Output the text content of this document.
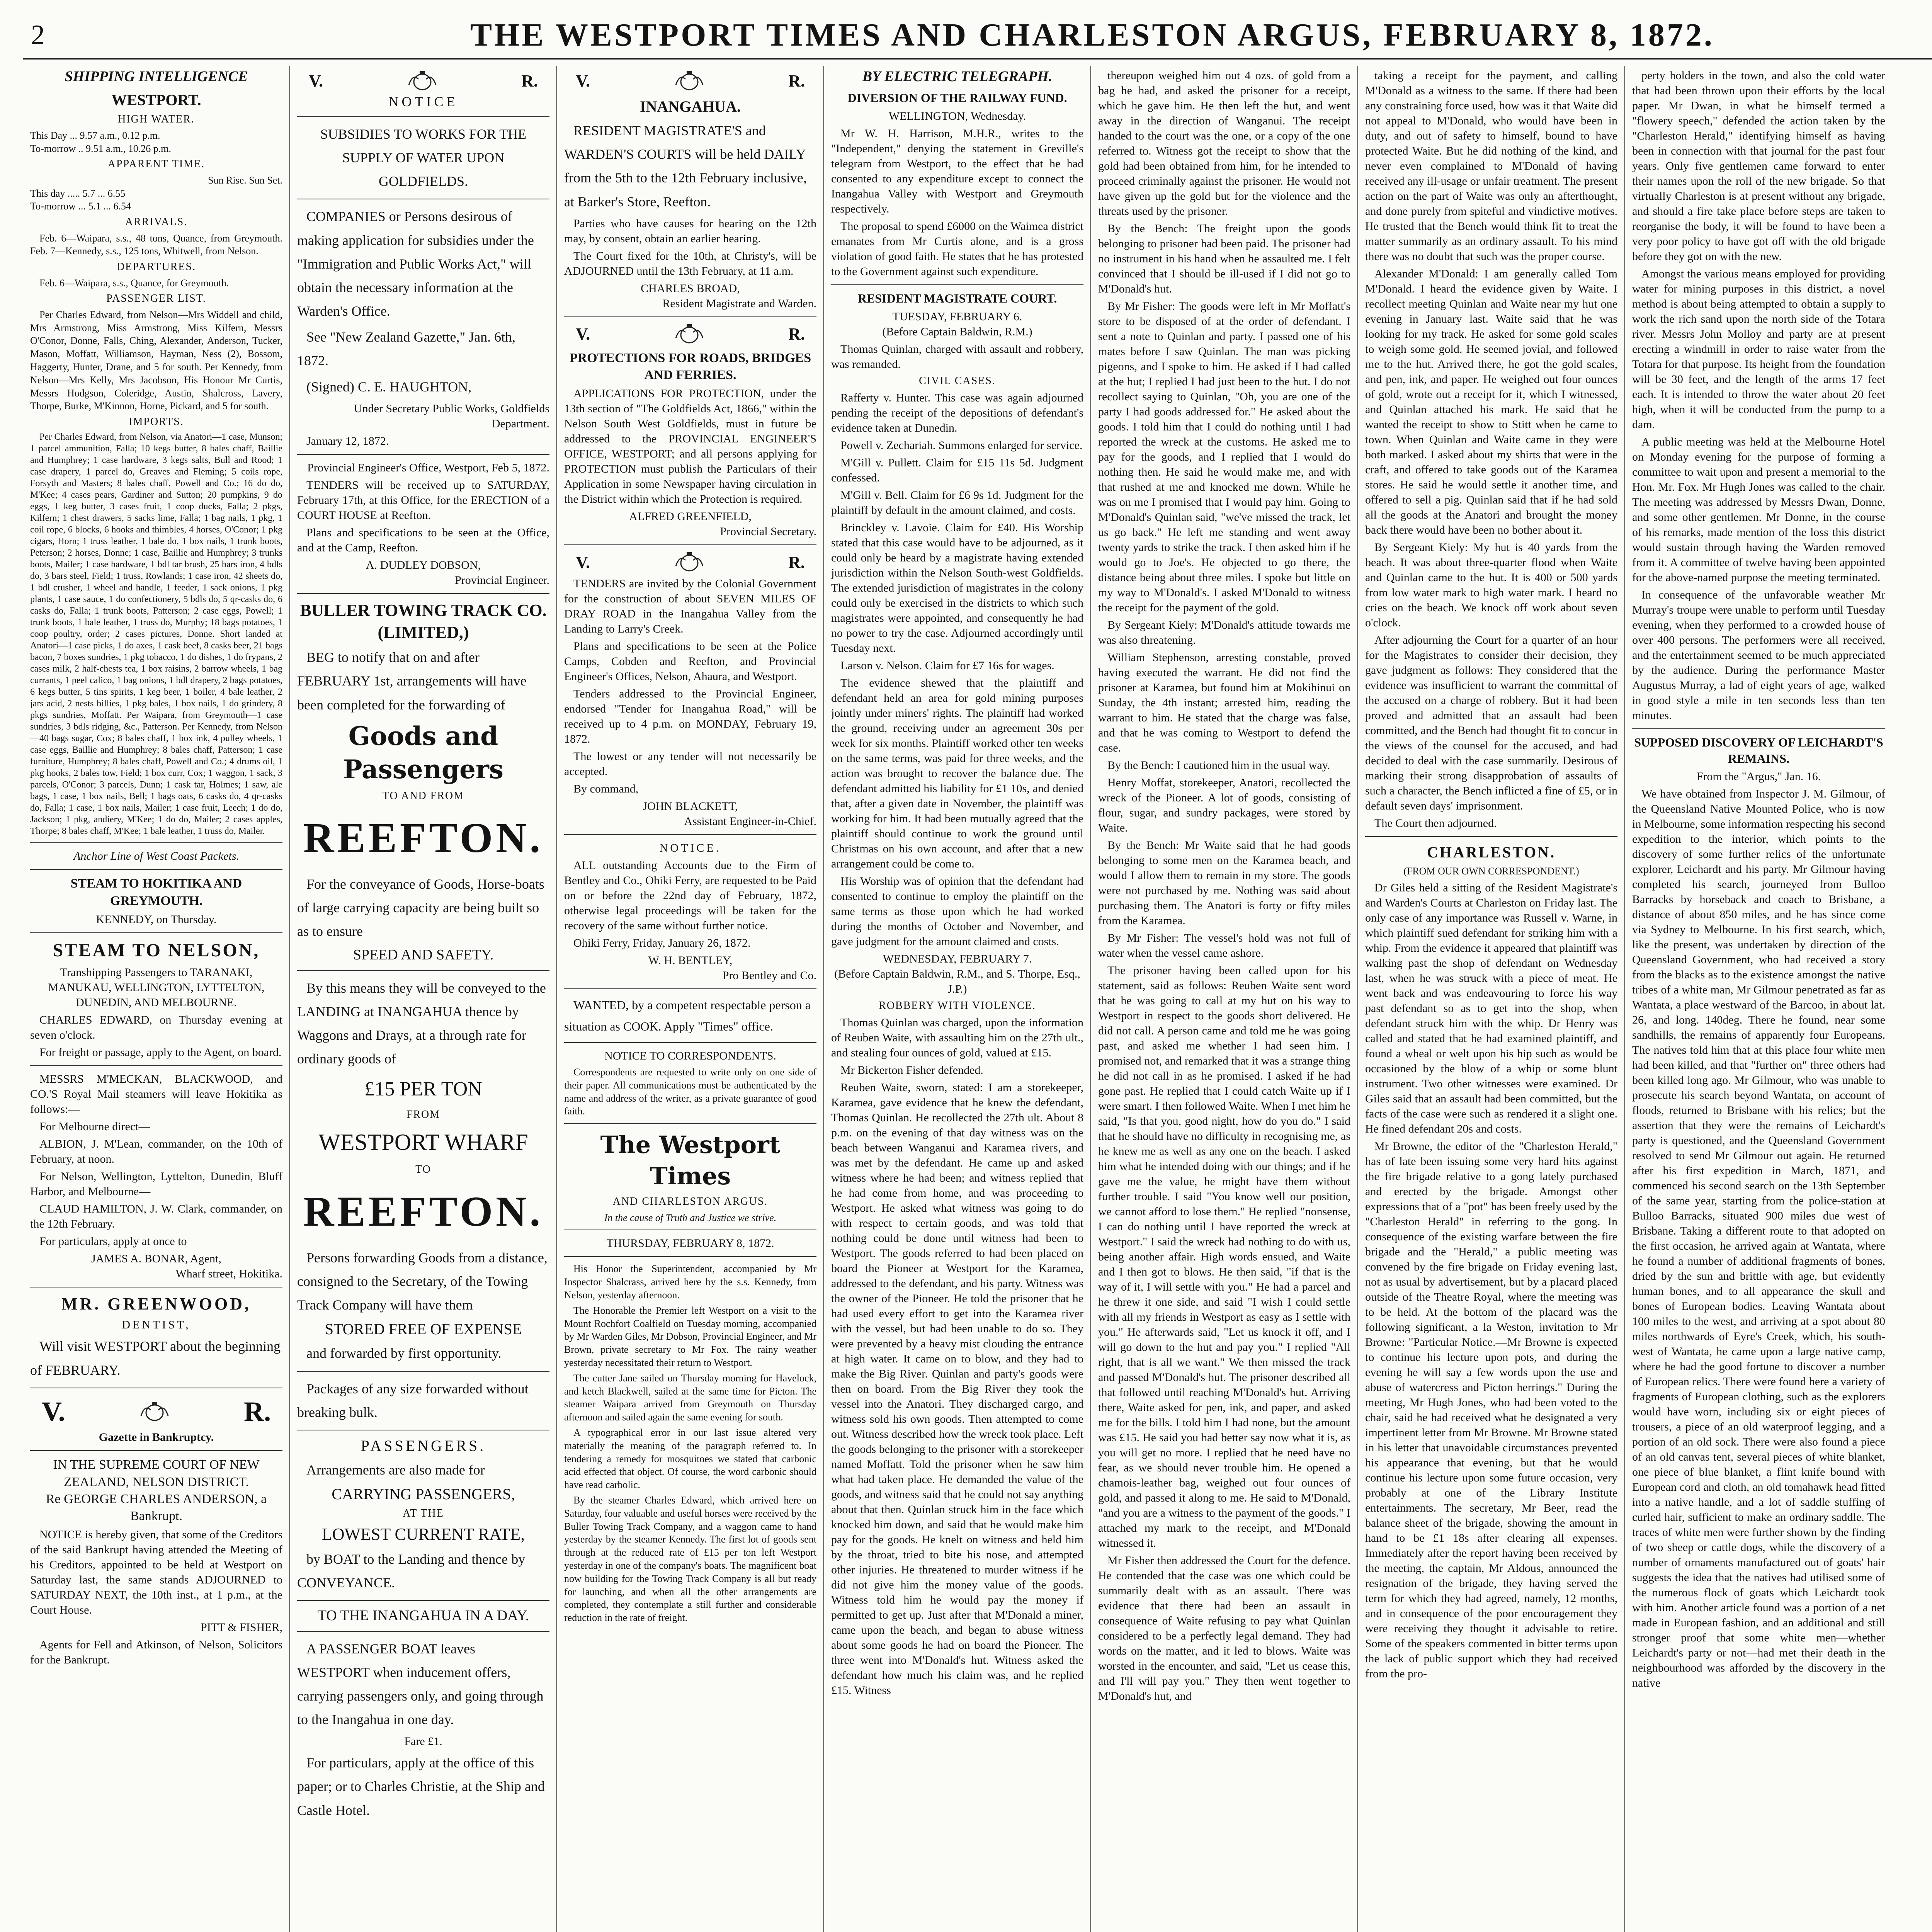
2	THE WESTPORT TIMES AND CHARLESTON ARGUS, FEBRUARY 8, 1872.
SHIPPING INTELLIGENCE
WESTPORT.
HIGH WATER.
This Day ... 9.57 a.m., 0.12 p.m.
To-morrow .. 9.51 a.m., 10.26 p.m.
APPARENT TIME.
Sun Rise. Sun Set.
This day ..... 5.7 ... 6.55
To-morrow ... 5.1 ... 6.54
ARRIVALS.

Feb. 6—Waipara, s.s., 48 tons, Quance, from Greymouth. Feb. 7—Kennedy, s.s., 125 tons, Whitwell, from Nelson.

DEPARTURES.

Feb. 6—Waipara, s.s., Quance, for Greymouth.

PASSENGER LIST.

Per Charles Edward, from Nelson—Mrs Widdell and child, Mrs Armstrong, Miss Armstrong, Miss Kilfern, Messrs O'Conor, Donne, Falls, Ching, Alexander, Anderson, Tucker, Mason, Moffatt, Williamson, Hayman, Ness (2), Bossom, Haggerty, Hunter, Drane, and 5 for south. Per Kennedy, from Nelson—Mrs Kelly, Mrs Jacobson, His Honour Mr Curtis, Messrs Hodgson, Coleridge, Austin, Shalcross, Lavery, Thorpe, Burke, M'Kinnon, Horne, Pickard, and 5 for south.

IMPORTS.

Per Charles Edward, from Nelson, via Anatori—1 case, Munson; 1 parcel ammunition, Falla; 10 kegs butter, 8 bales chaff, Baillie and Humphrey; 1 case hardware, 3 kegs salts, Bull and Rood; 1 case drapery, 1 parcel do, Greaves and Fleming; 5 coils rope, Forsyth and Masters; 8 bales chaff, Powell and Co.; 16 do do, M'Kee; 4 cases pears, Gardiner and Sutton; 20 pumpkins, 9 do eggs, 1 keg butter, 3 cases fruit, 1 coop ducks, Falla; 2 pkgs, Kilfern; 1 chest drawers, 5 sacks lime, Falla; 1 bag nails, 1 pkg, 1 coil rope, 6 blocks, 6 hooks and thimbles, 4 horses, O'Conor; 1 pkg cigars, Horn; 1 truss leather, 1 bale do, 1 box nails, 1 trunk boots, Peterson; 2 horses, Donne; 1 case, Baillie and Humphrey; 3 trunks boots, Mailer; 1 case hardware, 1 bdl tar brush, 25 bars iron, 4 bdls do, 3 bars steel, Field; 1 truss, Rowlands; 1 case iron, 42 sheets do, 1 bdl crusher, 1 wheel and handle, 1 feeder, 1 sack onions, 1 pkg plants, 1 case sauce, 1 do confectionery, 5 bdls do, 5 qr-casks do, 6 casks do, Falla; 1 trunk boots, Patterson; 2 case eggs, Powell; 1 trunk boots, 1 bale leather, 1 truss do, Murphy; 18 bags potatoes, 1 coop poultry, order; 2 cases pictures, Donne. Short landed at Anatori—1 case picks, 1 do axes, 1 cask beef, 8 casks beer, 21 bags bacon, 7 boxes sundries, 1 pkg tobacco, 1 do dishes, 1 do frypans, 2 cases milk, 2 half-chests tea, 1 box raisins, 2 barrow wheels, 1 bag currants, 1 peel calico, 1 bag onions, 1 bdl drapery, 2 bags potatoes, 6 kegs butter, 5 tins spirits, 1 keg beer, 1 boiler, 4 bale leather, 2 jars acid, 2 nests billies, 1 pkg bales, 1 box nails, 1 do grindery, 8 pkgs sundries, Moffatt. Per Waipara, from Greymouth—1 case sundries, 3 bdls ridging, &c., Patterson. Per Kennedy, from Nelson—40 bags sugar, Cox; 8 bales chaff, 1 box ink, 4 pulley wheels, 1 case eggs, Baillie and Humphrey; 8 bales chaff, Patterson; 1 case furniture, Humphrey; 8 bales chaff, Powell and Co.; 4 drums oil, 1 pkg hooks, 2 bales tow, Field; 1 box curr, Cox; 1 waggon, 1 sack, 3 parcels, O'Conor; 3 parcels, Dunn; 1 cask tar, Holmes; 1 saw, ale bags, 1 case, 1 box nails, Bell; 1 bags oats, 6 casks do, 4 qr-casks do, Falla; 1 case, 1 box nails, Mailer; 1 case fruit, Leech; 1 do do, Jackson; 1 pkg, andiery, M'Kee; 1 do do, Mailer; 2 cases apples, Thorpe; 8 bales chaff, M'Kee; 1 bale leather, 1 truss do, Mailer.

Anchor Line of West Coast Packets.
STEAM TO HOKITIKA AND GREYMOUTH.
KENNEDY, on Thursday.
STEAM TO NELSON,
Transhipping Passengers to TARANAKI, MANUKAU, WELLINGTON, LYTTELTON, DUNEDIN, AND MELBOURNE.

CHARLES EDWARD, on Thursday evening at seven o'clock.

For freight or passage, apply to the Agent, on board.

MESSRS M'MECKAN, BLACKWOOD, and CO.'S Royal Mail steamers will leave Hokitika as follows:—

For Melbourne direct—

ALBION, J. M'Lean, commander, on the 10th of February, at noon.

For Nelson, Wellington, Lyttelton, Dunedin, Bluff Harbor, and Melbourne—

CLAUD HAMILTON, J. W. Clark, commander, on the 12th February.

For particulars, apply at once to

JAMES A. BONAR, Agent,
Wharf street, Hokitika.
MR. GREENWOOD,
DENTIST,

Will visit WESTPORT about the beginning of FEBRUARY.

V.	R.
Gazette in Bankruptcy.
IN THE SUPREME COURT OF NEW ZEALAND, NELSON DISTRICT.
Re GEORGE CHARLES ANDERSON, a Bankrupt.

NOTICE is hereby given, that some of the Creditors of the said Bankrupt having attended the Meeting of his Creditors, appointed to be held at Westport on Saturday last, the same stands ADJOURNED to SATURDAY NEXT, the 10th inst., at 1 p.m., at the Court House.

PITT & FISHER,

Agents for Fell and Atkinson, of Nelson, Solicitors for the Bankrupt.

V.	R.
NOTICE
SUBSIDIES TO WORKS FOR THE SUPPLY OF WATER UPON GOLDFIELDS.

COMPANIES or Persons desirous of making application for subsidies under the "Immigration and Public Works Act," will obtain the necessary information at the Warden's Office.

See "New Zealand Gazette," Jan. 6th, 1872.

(Signed) C. E. HAUGHTON,

Under Secretary Public Works, Goldfields Department.

January 12, 1872.

Provincial Engineer's Office, Westport, Feb 5, 1872.

TENDERS will be received up to SATURDAY, February 17th, at this Office, for the ERECTION of a COURT HOUSE at Reefton.

Plans and specifications to be seen at the Office, and at the Camp, Reefton.

A. DUDLEY DOBSON,
Provincial Engineer.
BULLER TOWING TRACK CO. (LIMITED,)

BEG to notify that on and after FEBRUARY 1st, arrangements will have been completed for the forwarding of

Goods and Passengers
TO AND FROM
REEFTON.

For the conveyance of Goods, Horse-boats of large carrying capacity are being built so as to ensure

SPEED AND SAFETY.

By this means they will be conveyed to the LANDING at INANGAHUA thence by Waggons and Drays, at a through rate for ordinary goods of

£15 PER TON
FROM
WESTPORT WHARF
TO
REEFTON.

Persons forwarding Goods from a distance, consigned to the Secretary, of the Towing Track Company will have them

STORED FREE OF EXPENSE

and forwarded by first opportunity.

Packages of any size forwarded without breaking bulk.

PASSENGERS.

Arrangements are also made for

CARRYING PASSENGERS,
AT THE
LOWEST CURRENT RATE,

by BOAT to the Landing and thence by CONVEYANCE.

TO THE INANGAHUA IN A DAY.

A PASSENGER BOAT leaves WESTPORT when inducement offers, carrying passengers only, and going through to the Inangahua in one day.

Fare £1.

For particulars, apply at the office of this paper; or to Charles Christie, at the Ship and Castle Hotel.

V.	R.
INANGAHUA.

RESIDENT MAGISTRATE'S and WARDEN'S COURTS will be held DAILY from the 5th to the 12th February inclusive, at Barker's Store, Reefton.

Parties who have causes for hearing on the 12th may, by consent, obtain an earlier hearing.

The Court fixed for the 10th, at Christy's, will be ADJOURNED until the 13th February, at 11 a.m.

CHARLES BROAD,
Resident Magistrate and Warden.
V.	R.
PROTECTIONS FOR ROADS, BRIDGES AND FERRIES.

APPLICATIONS FOR PROTECTION, under the 13th section of "The Goldfields Act, 1866," within the Nelson South West Goldfields, must in future be addressed to the PROVINCIAL ENGINEER'S OFFICE, WESTPORT; and all persons applying for PROTECTION must publish the Particulars of their Application in some Newspaper having circulation in the District within which the Protection is required.

ALFRED GREENFIELD,
Provincial Secretary.
V.	R.

TENDERS are invited by the Colonial Government for the construction of about SEVEN MILES OF DRAY ROAD in the Inangahua Valley from the Landing to Larry's Creek.

Plans and specifications to be seen at the Police Camps, Cobden and Reefton, and Provincial Engineer's Offices, Nelson, Ahaura, and Westport.

Tenders addressed to the Provincial Engineer, endorsed "Tender for Inangahua Road," will be received up to 4 p.m. on MONDAY, February 19, 1872.

The lowest or any tender will not necessarily be accepted.

By command,

JOHN BLACKETT,
Assistant Engineer-in-Chief.
NOTICE.

ALL outstanding Accounts due to the Firm of Bentley and Co., Ohiki Ferry, are requested to be Paid on or before the 22nd day of February, 1872, otherwise legal proceedings will be taken for the recovery of the same without further notice.

Ohiki Ferry, Friday, January 26, 1872.

W. H. BENTLEY,
Pro Bentley and Co.

WANTED, by a competent respectable person a situation as COOK. Apply "Times" office.

NOTICE TO CORRESPONDENTS.

Correspondents are requested to write only on one side of their paper. All communications must be authenticated by the name and address of the writer, as a private guarantee of good faith.

The Westport Times
AND CHARLESTON ARGUS.
In the cause of Truth and Justice we strive.
THURSDAY, FEBRUARY 8, 1872.

His Honor the Superintendent, accompanied by Mr Inspector Shalcrass, arrived here by the s.s. Kennedy, from Nelson, yesterday afternoon.

The Honorable the Premier left Westport on a visit to the Mount Rochfort Coalfield on Tuesday morning, accompanied by Mr Warden Giles, Mr Dobson, Provincial Engineer, and Mr Brown, private secretary to Mr Fox. The rainy weather yesterday necessitated their return to Westport.

The cutter Jane sailed on Thursday morning for Havelock, and ketch Blackwell, sailed at the same time for Picton. The steamer Waipara arrived from Greymouth on Thursday afternoon and sailed again the same evening for south.

A typographical error in our last issue altered very materially the meaning of the paragraph referred to. In tendering a remedy for mosquitoes we stated that carbonic acid effected that object. Of course, the word carbonic should have read carbolic.

By the steamer Charles Edward, which arrived here on Saturday, four valuable and useful horses were received by the Buller Towing Track Company, and a waggon came to hand yesterday by the steamer Kennedy. The first lot of goods sent through at the reduced rate of £15 per ton left Westport yesterday in one of the company's boats. The magnificent boat now building for the Towing Track Company is all but ready for launching, and when all the other arrangements are completed, they contemplate a still further and considerable reduction in the rate of freight.

BY ELECTRIC TELEGRAPH.
DIVERSION OF THE RAILWAY FUND.
WELLINGTON, Wednesday.

Mr W. H. Harrison, M.H.R., writes to the "Independent," denying the statement in Greville's telegram from Westport, to the effect that he had consented to any expenditure except to connect the Inangahua Valley with Westport and Greymouth respectively.

The proposal to spend £6000 on the Waimea district emanates from Mr Curtis alone, and is a gross violation of good faith. He states that he has protested to the Government against such expenditure.

RESIDENT MAGISTRATE COURT.
TUESDAY, FEBRUARY 6.
(Before Captain Baldwin, R.M.)

Thomas Quinlan, charged with assault and robbery, was remanded.

CIVIL CASES.

Rafferty v. Hunter. This case was again adjourned pending the receipt of the depositions of defendant's evidence taken at Dunedin.

Powell v. Zechariah. Summons enlarged for service.

M'Gill v. Pullett. Claim for £15 11s 5d. Judgment confessed.

M'Gill v. Bell. Claim for £6 9s 1d. Judgment for the plaintiff by default in the amount claimed, and costs.

Brinckley v. Lavoie. Claim for £40. His Worship stated that this case would have to be adjourned, as it could only be heard by a magistrate having extended jurisdiction within the Nelson South-west Goldfields. The extended jurisdiction of magistrates in the colony could only be exercised in the districts to which such magistrates were appointed, and consequently he had no power to try the case. Adjourned accordingly until Tuesday next.

Larson v. Nelson. Claim for £7 16s for wages.

The evidence shewed that the plaintiff and defendant held an area for gold mining purposes jointly under miners' rights. The plaintiff had worked the ground, receiving under an agreement 30s per week for six months. Plaintiff worked other ten weeks on the same terms, was paid for three weeks, and the action was brought to recover the balance due. The defendant admitted his liability for £1 10s, and denied that, after a given date in November, the plaintiff was working for him. It had been mutually agreed that the plaintiff should continue to work the ground until Christmas on his own account, and after that a new arrangement could be come to.

His Worship was of opinion that the defendant had consented to continue to employ the plaintiff on the same terms as those upon which he had worked during the months of October and November, and gave judgment for the amount claimed and costs.

WEDNESDAY, FEBRUARY 7.
(Before Captain Baldwin, R.M., and S. Thorpe, Esq., J.P.)
ROBBERY WITH VIOLENCE.

Thomas Quinlan was charged, upon the information of Reuben Waite, with assaulting him on the 27th ult., and stealing four ounces of gold, valued at £15.

Mr Bickerton Fisher defended.

Reuben Waite, sworn, stated: I am a storekeeper, Karamea, gave evidence that he knew the defendant, Thomas Quinlan. He recollected the 27th ult. About 8 p.m. on the evening of that day witness was on the beach between Wanganui and Karamea rivers, and was met by the defendant. He came up and asked witness where he had been; and witness replied that he had come from home, and was proceeding to Westport. He asked what witness was going to do with respect to certain goods, and was told that nothing could be done until witness had been to Westport. The goods referred to had been placed on board the Pioneer at Westport for the Karamea, addressed to the defendant, and his party. Witness was the owner of the Pioneer. He told the prisoner that he had used every effort to get into the Karamea river with the vessel, but had been unable to do so. They were prevented by a heavy mist clouding the entrance at high water. It came on to blow, and they had to make the Big River. Quinlan and party's goods were then on board. From the Big River they took the vessel into the Anatori. They discharged cargo, and witness sold his own goods. Then attempted to come out. Witness described how the wreck took place. Left the goods belonging to the prisoner with a storekeeper named Moffatt. Told the prisoner when he saw him what had taken place. He demanded the value of the goods, and witness said that he could not say anything about that then. Quinlan struck him in the face which knocked him down, and said that he would make him pay for the goods. He knelt on witness and held him by the throat, tried to bite his nose, and attempted other injuries. He threatened to murder witness if he did not give him the money value of the goods. Witness told him he would pay the money if permitted to get up. Just after that M'Donald a miner, came upon the beach, and began to abuse witness about some goods he had on board the Pioneer. The three went into M'Donald's hut. Witness asked the defendant how much his claim was, and he replied £15. Witness

thereupon weighed him out 4 ozs. of gold from a bag he had, and asked the prisoner for a receipt, which he gave him. He then left the hut, and went away in the direction of Wanganui. The receipt handed to the court was the one, or a copy of the one referred to. Witness got the receipt to show that the gold had been obtained from him, for he intended to proceed criminally against the prisoner. He would not have given up the gold but for the violence and the threats used by the prisoner.

By the Bench: The freight upon the goods belonging to prisoner had been paid. The prisoner had no instrument in his hand when he assaulted me. I felt convinced that I should be ill-used if I did not go to M'Donald's hut.

By Mr Fisher: The goods were left in Mr Moffatt's store to be disposed of at the order of defendant. I sent a note to Quinlan and party. I passed one of his mates before I saw Quinlan. The man was picking pigeons, and I spoke to him. He asked if I had called at the hut; I replied I had just been to the hut. I do not recollect saying to Quinlan, "Oh, you are one of the party I had goods addressed for." He asked about the goods. I told him that I could do nothing until I had reported the wreck at the customs. He asked me to pay for the goods, and I replied that I would do nothing then. He said he would make me, and with that rushed at me and knocked me down. While he was on me I promised that I would pay him. Going to M'Donald's Quinlan said, "we've missed the track, let us go back." He left me standing and went away twenty yards to strike the track. I then asked him if he would go to Joe's. He objected to go there, the distance being about three miles. I spoke but little on my way to M'Donald's. I asked M'Donald to witness the receipt for the payment of the gold.

By Sergeant Kiely: M'Donald's attitude towards me was also threatening.

William Stephenson, arresting constable, proved having executed the warrant. He did not find the prisoner at Karamea, but found him at Mokihinui on Sunday, the 4th instant; arrested him, reading the warrant to him. He stated that the charge was false, and that he was coming to Westport to defend the case.

By the Bench: I cautioned him in the usual way.

Henry Moffat, storekeeper, Anatori, recollected the wreck of the Pioneer. A lot of goods, consisting of flour, sugar, and sundry packages, were stored by Waite.

By the Bench: Mr Waite said that he had goods belonging to some men on the Karamea beach, and would I allow them to remain in my store. The goods were not purchased by me. Nothing was said about purchasing them. The Anatori is forty or fifty miles from the Karamea.

By Mr Fisher: The vessel's hold was not full of water when the vessel came ashore.

The prisoner having been called upon for his statement, said as follows: Reuben Waite sent word that he was going to call at my hut on his way to Westport in respect to the goods short delivered. He did not call. A person came and told me he was going past, and asked me whether I had seen him. I promised not, and remarked that it was a strange thing he did not call in as he promised. I asked if he had gone past. He replied that I could catch Waite up if I were smart. I then followed Waite. When I met him he said, "Is that you, good night, how do you do." I said that he should have no difficulty in recognising me, as he knew me as well as any one on the beach. I asked him what he intended doing with our things; and if he gave me the value, he might have them without further trouble. I said "You know well our position, we cannot afford to lose them." He replied "nonsense, I can do nothing until I have reported the wreck at Westport." I said the wreck had nothing to do with us, being another affair. High words ensued, and Waite and I then got to blows. He then said, "if that is the way of it, I will settle with you." He had a parcel and he threw it one side, and said "I wish I could settle with all my friends in Westport as easy as I settle with you." He afterwards said, "Let us knock it off, and I will go down to the hut and pay you." I replied "All right, that is all we want." We then missed the track and passed M'Donald's hut. The prisoner described all that followed until reaching M'Donald's hut. Arriving there, Waite asked for pen, ink, and paper, and asked me for the bills. I told him I had none, but the amount was £15. He said you had better say now what it is, as you will get no more. I replied that he need have no fear, as we should never trouble him. He opened a chamois-leather bag, weighed out four ounces of gold, and passed it along to me. He said to M'Donald, "and you are a witness to the payment of the goods." I attached my mark to the receipt, and M'Donald witnessed it.

Mr Fisher then addressed the Court for the defence. He contended that the case was one which could be summarily dealt with as an assault. There was evidence that there had been an assault in consequence of Waite refusing to pay what Quinlan considered to be a perfectly legal demand. They had words on the matter, and it led to blows. Waite was worsted in the encounter, and said, "Let us cease this, and I'll will pay you." They then went together to M'Donald's hut, and

taking a receipt for the payment, and calling M'Donald as a witness to the same. If there had been any constraining force used, how was it that Waite did not appeal to M'Donald, who would have been in duty, and out of safety to himself, bound to have protected Waite. But he did nothing of the kind, and never even complained to M'Donald of having received any ill-usage or unfair treatment. The present action on the part of Waite was only an afterthought, and done purely from spiteful and vindictive motives. He trusted that the Bench would think fit to treat the matter summarily as an ordinary assault. To his mind there was no doubt that such was the proper course.

Alexander M'Donald: I am generally called Tom M'Donald. I heard the evidence given by Waite. I recollect meeting Quinlan and Waite near my hut one evening in January last. Waite said that he was looking for my track. He asked for some gold scales to weigh some gold. He seemed jovial, and followed me to the hut. Arrived there, he got the gold scales, and pen, ink, and paper. He weighed out four ounces of gold, wrote out a receipt for it, which I witnessed, and Quinlan attached his mark. He said that he wanted the receipt to show to Stitt when he came to town. When Quinlan and Waite came in they were both marked. I asked about my shirts that were in the craft, and offered to take goods out of the Karamea stores. He said he would settle it another time, and offered to sell a pig. Quinlan said that if he had sold all the goods at the Anatori and brought the money back there would have been no bother about it.

By Sergeant Kiely: My hut is 40 yards from the beach. It was about three-quarter flood when Waite and Quinlan came to the hut. It is 400 or 500 yards from low water mark to high water mark. I heard no cries on the beach. We knock off work about seven o'clock.

After adjourning the Court for a quarter of an hour for the Magistrates to consider their decision, they gave judgment as follows: They considered that the evidence was insufficient to warrant the committal of the accused on a charge of robbery. But it had been proved and admitted that an assault had been committed, and the Bench had thought fit to concur in the views of the counsel for the accused, and had decided to deal with the case summarily. Desirous of marking their strong disapprobation of assaults of such a character, the Bench inflicted a fine of £5, or in default seven days' imprisonment.

The Court then adjourned.

CHARLESTON.
(FROM OUR OWN CORRESPONDENT.)

Dr Giles held a sitting of the Resident Magistrate's and Warden's Courts at Charleston on Friday last. The only case of any importance was Russell v. Warne, in which plaintiff sued defendant for striking him with a whip. From the evidence it appeared that plaintiff was walking past the shop of defendant on Wednesday last, when he was struck with a piece of meat. He went back and was endeavouring to force his way past defendant so as to get into the shop, when defendant struck him with the whip. Dr Henry was called and stated that he had examined plaintiff, and found a wheal or welt upon his hip such as would be occasioned by the blow of a whip or some blunt instrument. Two other witnesses were examined. Dr Giles said that an assault had been committed, but the facts of the case were such as rendered it a slight one. He fined defendant 20s and costs.

Mr Browne, the editor of the "Charleston Herald," has of late been issuing some very hard hits against the fire brigade relative to a gong lately purchased and erected by the brigade. Amongst other expressions that of a "pot" has been freely used by the "Charleston Herald" in referring to the gong. In consequence of the existing warfare between the fire brigade and the "Herald," a public meeting was convened by the fire brigade on Friday evening last, not as usual by advertisement, but by a placard placed outside of the Theatre Royal, where the meeting was to be held. At the bottom of the placard was the following significant, a la Weston, invitation to Mr Browne: "Particular Notice.—Mr Browne is expected to continue his lecture upon pots, and during the evening he will say a few words upon the use and abuse of watercress and Picton herrings." During the meeting, Mr Hugh Jones, who had been voted to the chair, said he had received what he designated a very impertinent letter from Mr Browne. Mr Browne stated in his letter that unavoidable circumstances prevented his appearance that evening, but that he would continue his lecture upon some future occasion, very probably at one of the Library Institute entertainments. The secretary, Mr Beer, read the balance sheet of the brigade, showing the amount in hand to be £1 18s after clearing all expenses. Immediately after the report having been received by the meeting, the captain, Mr Aldous, announced the resignation of the brigade, they having served the term for which they had agreed, namely, 12 months, and in consequence of the poor encouragement they were receiving they thought it advisable to retire. Some of the speakers commented in bitter terms upon the lack of public support which they had received from the pro-

perty holders in the town, and also the cold water that had been thrown upon their efforts by the local paper. Mr Dwan, in what he himself termed a "flowery speech," defended the action taken by the "Charleston Herald," identifying himself as having been in connection with that journal for the past four years. Only five gentlemen came forward to enter their names upon the roll of the new brigade. So that virtually Charleston is at present without any brigade, and should a fire take place before steps are taken to reorganise the body, it will be found to have been a very poor policy to have got off with the old brigade before they got on with the new.

Amongst the various means employed for providing water for mining purposes in this district, a novel method is about being attempted to obtain a supply to work the rich sand upon the north side of the Totara river. Messrs John Molloy and party are at present erecting a windmill in order to raise water from the Totara for that purpose. Its height from the foundation will be 30 feet, and the length of the arms 17 feet each. It is intended to throw the water about 20 feet high, when it will be conducted from the pump to a dam.

A public meeting was held at the Melbourne Hotel on Monday evening for the purpose of forming a committee to wait upon and present a memorial to the Hon. Mr. Fox. Mr Hugh Jones was called to the chair. The meeting was addressed by Messrs Dwan, Donne, and some other gentlemen. Mr Donne, in the course of his remarks, made mention of the loss this district would sustain through having the Warden removed from it. A committee of twelve having been appointed for the above-named purpose the meeting terminated.

In consequence of the unfavorable weather Mr Murray's troupe were unable to perform until Tuesday evening, when they performed to a crowded house of over 400 persons. The performers were all received, and the entertainment seemed to be much appreciated by the audience. During the performance Master Augustus Murray, a lad of eight years of age, walked in good style a mile in ten seconds less than ten minutes.

SUPPOSED DISCOVERY OF LEICHARDT'S REMAINS.
From the "Argus," Jan. 16.

We have obtained from Inspector J. M. Gilmour, of the Queensland Native Mounted Police, who is now in Melbourne, some information respecting his second expedition to the interior, which points to the discovery of some further relics of the unfortunate explorer, Leichardt and his party. Mr Gilmour having completed his search, journeyed from Bulloo Barracks by horseback and coach to Brisbane, a distance of about 850 miles, and he has since come via Sydney to Melbourne. In his first search, which, like the present, was undertaken by direction of the Queensland Government, who had received a story from the blacks as to the existence amongst the native tribes of a white man, Mr Gilmour penetrated as far as Wantata, a place westward of the Barcoo, in about lat. 26, and long. 140deg. There he found, near some sandhills, the remains of apparently four Europeans. The natives told him that at this place four white men had been killed, and that "further on" three others had been killed long ago. Mr Gilmour, who was unable to prosecute his search beyond Wantata, on account of floods, returned to Brisbane with his relics; but the assertion that they were the remains of Leichardt's party is questioned, and the Queensland Government resolved to send Mr Gilmour out again. He returned after his first expedition in March, 1871, and commenced his second search on the 13th September of the same year, starting from the police-station at Bulloo Barracks, situated 900 miles due west of Brisbane. Taking a different route to that adopted on the first occasion, he arrived again at Wantata, where he found a number of additional fragments of bones, dried by the sun and brittle with age, but evidently human bones, and to all appearance the skull and bones of European bodies. Leaving Wantata about 100 miles to the west, and arriving at a spot about 80 miles northwards of Eyre's Creek, which, his south-west of Wantata, he came upon a large native camp, where he had the good fortune to discover a number of European relics. There were found here a variety of fragments of European clothing, such as the explorers would have worn, including six or eight pieces of trousers, a piece of an old waterproof legging, and a portion of an old sock. There were also found a piece of an old canvas tent, several pieces of white blanket, one piece of blue blanket, a flint knife bound with European cord and cloth, an old tomahawk head fitted into a native handle, and a lot of saddle stuffing of curled hair, sufficient to make an ordinary saddle. The traces of white men were further shown by the finding of two sheep or cattle dogs, while the discovery of a number of ornaments manufactured out of goats' hair suggests the idea that the natives had utilised some of the numerous flock of goats which Leichardt took with him. Another article found was a portion of a net made in European fashion, and an additional and still stronger proof that some white men—whether Leichardt's party or not—had met their death in the neighbourhood was afforded by the discovery in the native
